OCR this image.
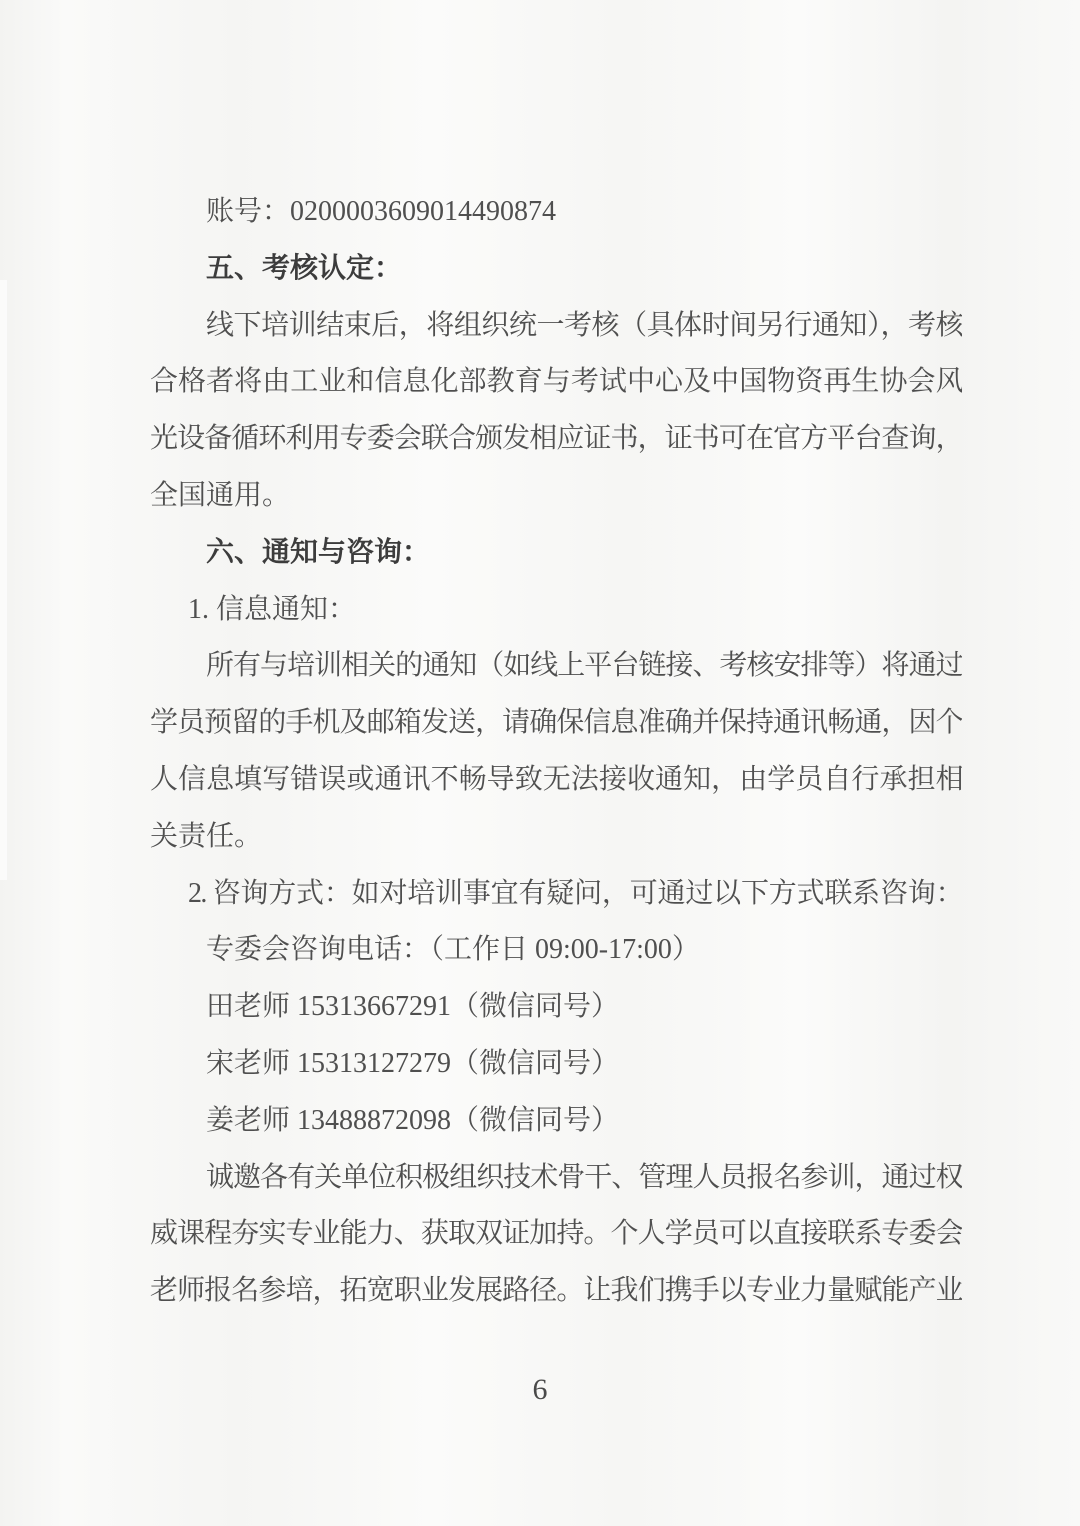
账号：0200003609014490874
五、考核认定：
线下培训结束后，将组织统一考核（具体时间另行通知），考核
合格者将由工业和信息化部教育与考试中心及中国物资再生协会风
光设备循环利用专委会联合颁发相应证书，证书可在官方平台查询，
全国通用。
六、通知与咨询：
1. 信息通知：
所有与培训相关的通知（如线上平台链接、考核安排等）将通过
学员预留的手机及邮箱发送，请确保信息准确并保持通讯畅通，因个
人信息填写错误或通讯不畅导致无法接收通知，由学员自行承担相
关责任。
2. 咨询方式：如对培训事宜有疑问，可通过以下方式联系咨询：
专委会咨询电话：（工作日 09:00-17:00）
田老师 15313667291（微信同号）
宋老师 15313127279（微信同号）
姜老师 13488872098（微信同号）
诚邀各有关单位积极组织技术骨干、管理人员报名参训，通过权
威课程夯实专业能力、获取双证加持。个人学员可以直接联系专委会
老师报名参培，拓宽职业发展路径。让我们携手以专业力量赋能产业
6
